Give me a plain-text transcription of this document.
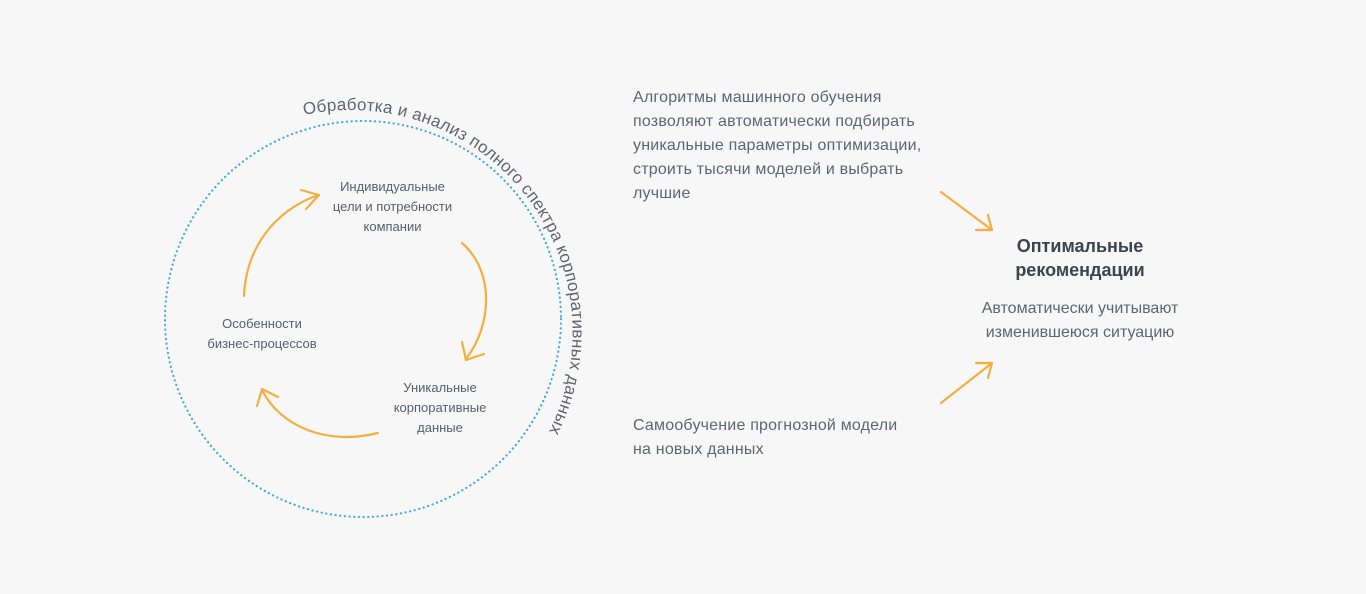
Обработка и анализ полного спектра корпоративных данных
Индивидуальные
цели и потребности
компании
Уникальные
корпоративные
данные
Особенности
бизнес-процессов
Алгоритмы машинного обучения
позволяют автоматически подбирать
уникальные параметры оптимизации,
строить тысячи моделей и выбрать
лучшие
Самообучение прогнозной модели
на новых данных
Оптимальные
рекомендации
Автоматически учитывают
изменившеюся ситуацию
